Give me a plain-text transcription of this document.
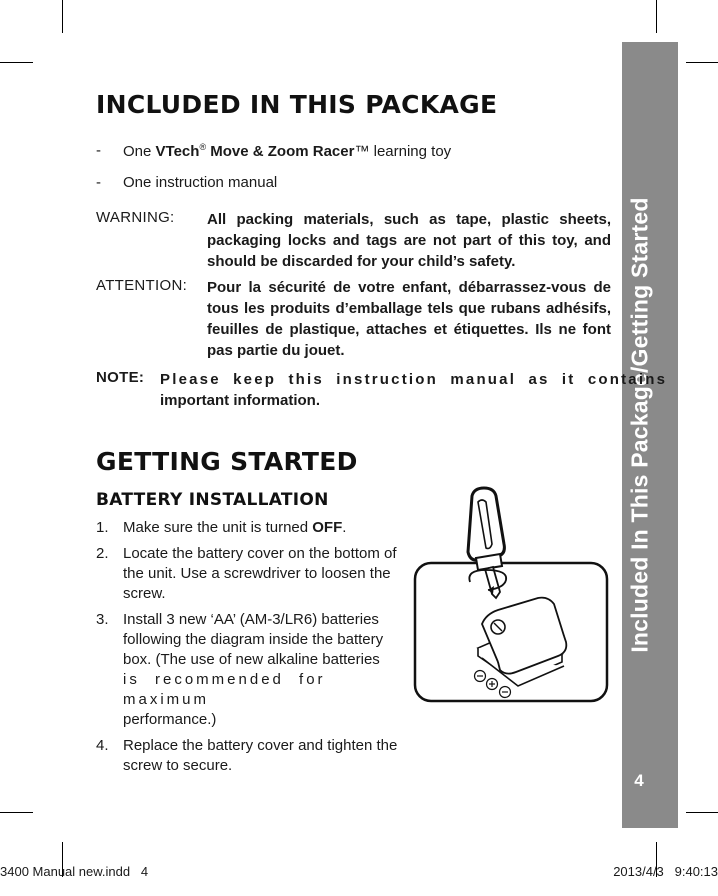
Included In This Package/Getting Started
4
INCLUDED IN THIS PACKAGE
- One VTech® Move & Zoom Racer™ learning toy
- One instruction manual
WARNING: All packing materials, such as tape, plastic sheets, packaging locks and tags are not part of this toy, and should be discarded for your child’s safety.
ATTENTION: Pour la sécurité de votre enfant, débarrassez-vous de tous les produits d’emballage tels que rubans adhésifs, feuilles de plastique, attaches et étiquettes. Ils ne font pas partie du jouet.
NOTE: Please keep this instruction manual as it contains
important information.
GETTING STARTED
BATTERY INSTALLATION
1. Make sure the unit is turned OFF.
2. Locate the battery cover on the bottom of the unit. Use a screwdriver to loosen the screw.
3. Install 3 new ‘AA’ (AM-3/LR6) batteries following the diagram inside the battery box. (The use of new alkaline batteries
is recommended for maximum
performance.)
4. Replace the battery cover and tighten the screw to secure.
3400 Manual new.indd   4	2013/4/3   9:40:13
